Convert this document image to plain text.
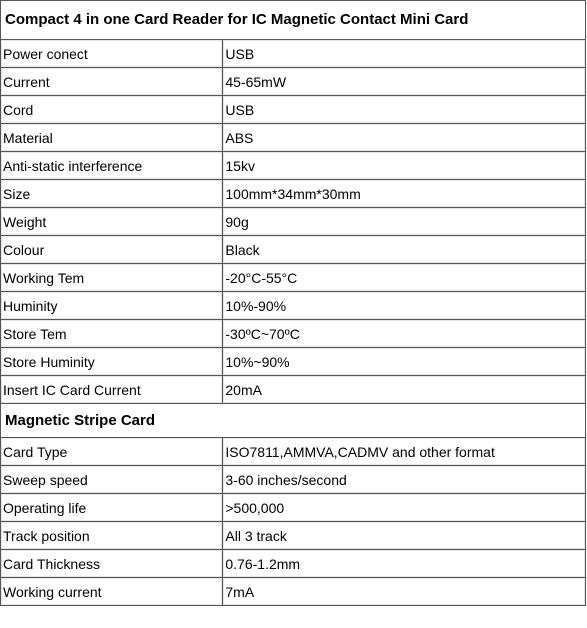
Compact 4 in one Card Reader for IC Magnetic Contact Mini Card	
Power conect	USB
Current	45-65mW
Cord	USB
Material	ABS
Anti-static interference	15kv
Size	100mm*34mm*30mm
Weight	90g
Colour	Black
Working Tem	-20°C-55°C
Huminity	10%-90%
Store Tem	-30ºC~70ºC
Store Huminity	10%~90%
Insert IC Card Current	20mA
Magnetic Stripe Card	
Card Type	ISO7811,AMMVA,CADMV and other format
Sweep speed	3-60 inches/second
Operating life	>500,000
Track position	All 3 track
Card Thickness	0.76-1.2mm
Working current	7mA
